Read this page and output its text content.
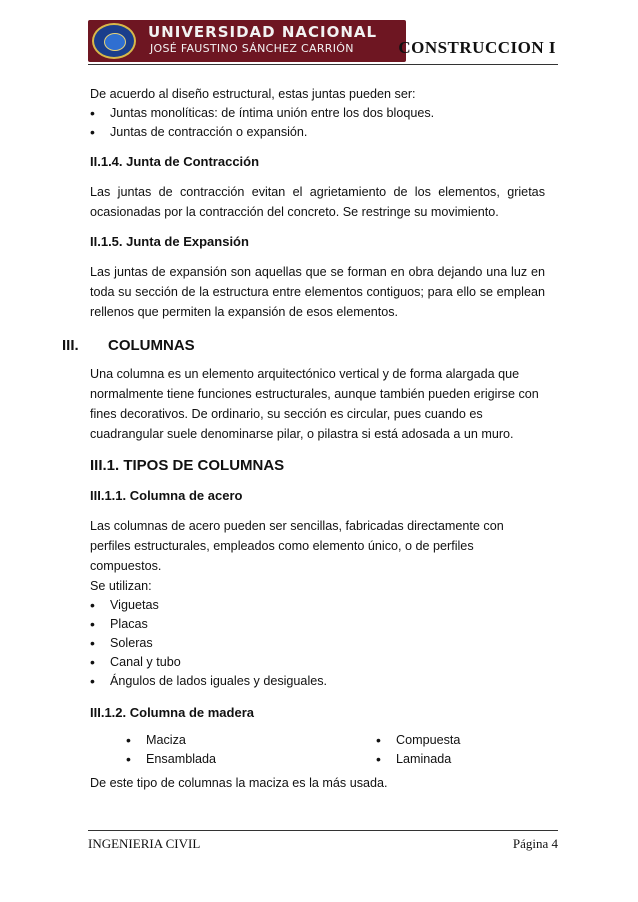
UNIVERSIDAD NACIONAL
JOSÉ FAUSTINO SÁNCHEZ CARRIÓN	CONSTRUCCION I

De acuerdo al diseño estructural, estas juntas pueden ser:

• Juntas monolíticas: de íntima unión entre los dos bloques.
• Juntas de contracción o expansión.

II.1.4. Junta de Contracción

Las juntas de contracción evitan el agrietamiento de los elementos, grietas ocasionadas por la contracción del concreto. Se restringe su movimiento.

II.1.5. Junta de Expansión

Las juntas de expansión son aquellas que se forman en obra dejando una luz en toda su sección de la estructura entre elementos contiguos; para ello se emplean rellenos que permiten la expansión de esos elementos.

III.	COLUMNAS

Una columna es un elemento arquitectónico vertical y de forma alargada que normalmente tiene funciones estructurales, aunque también pueden erigirse con fines decorativos. De ordinario, su sección es circular, pues cuando es cuadrangular suele denominarse pilar, o pilastra si está adosada a un muro.

III.1. TIPOS DE COLUMNAS

III.1.1. Columna de acero

Las columnas de acero pueden ser sencillas, fabricadas directamente con perfiles estructurales, empleados como elemento único, o de perfiles compuestos.

Se utilizan:

• Viguetas
• Placas
• Soleras
• Canal y tubo
• Ángulos de lados iguales y desiguales.

III.1.2. Columna de madera

• Maciza
• Ensamblada
• Compuesta
• Laminada

De este tipo de columnas la maciza es la más usada.

INGENIERIA CIVIL	Página 4
